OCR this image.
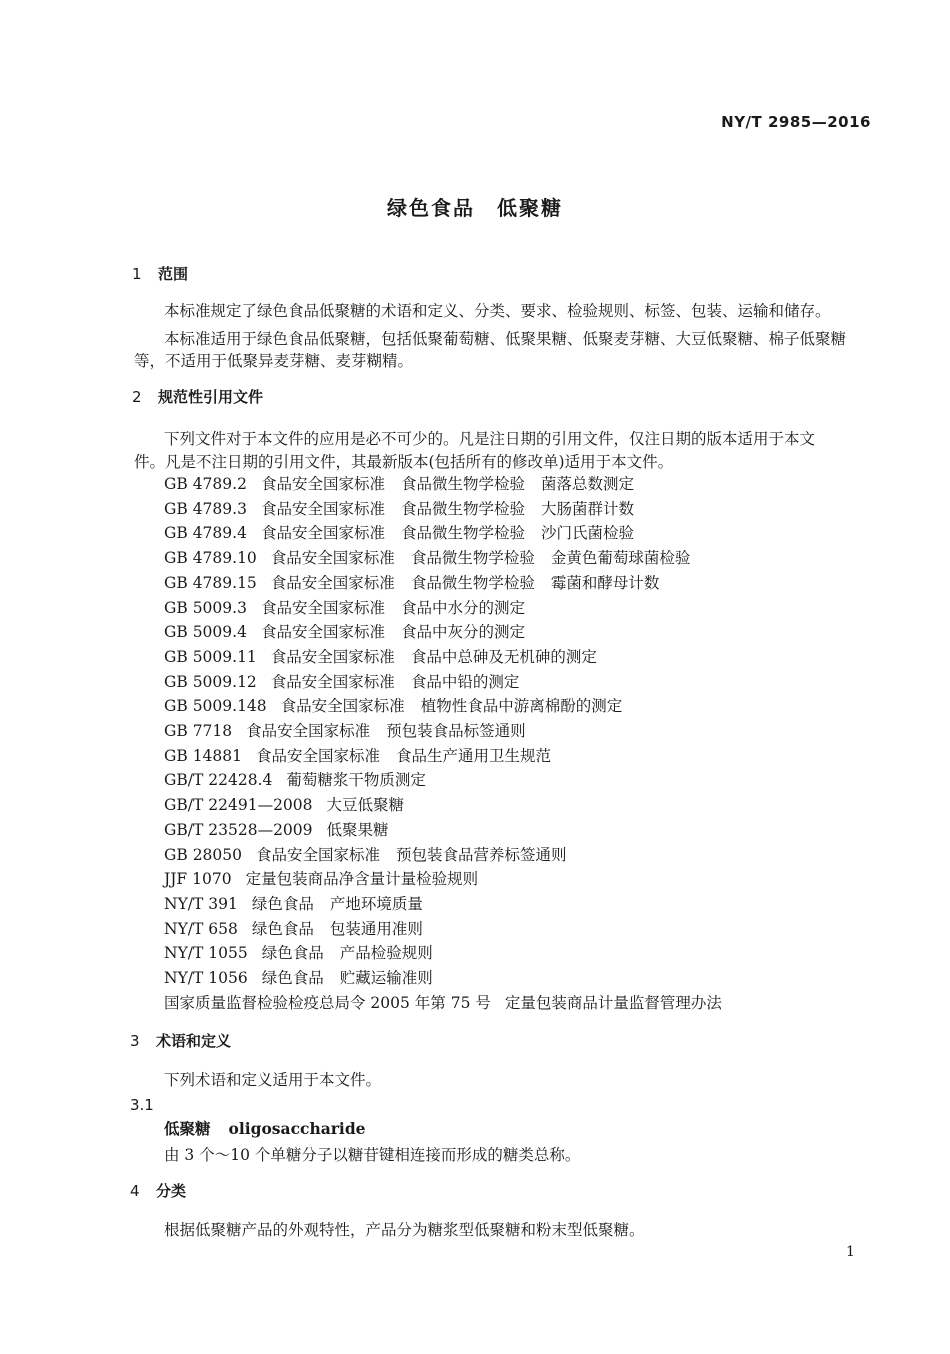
NY/T 2985—2016
绿色食品　低聚糖
1 范围
本标准规定了绿色食品低聚糖的术语和定义、分类、要求、检验规则、标签、包装、运输和储存。
本标准适用于绿色食品低聚糖，包括低聚葡萄糖、低聚果糖、低聚麦芽糖、大豆低聚糖、棉子低聚糖
等，不适用于低聚异麦芽糖、麦芽糊精。
2 规范性引用文件
下列文件对于本文件的应用是必不可少的。凡是注日期的引用文件，仅注日期的版本适用于本文
件。凡是不注日期的引用文件，其最新版本(包括所有的修改单)适用于本文件。
GB 4789.2 食品安全国家标准 食品微生物学检验 菌落总数测定
GB 4789.3 食品安全国家标准 食品微生物学检验 大肠菌群计数
GB 4789.4 食品安全国家标准 食品微生物学检验 沙门氏菌检验
GB 4789.10 食品安全国家标准 食品微生物学检验 金黄色葡萄球菌检验
GB 4789.15 食品安全国家标准 食品微生物学检验 霉菌和酵母计数
GB 5009.3 食品安全国家标准 食品中水分的测定
GB 5009.4 食品安全国家标准 食品中灰分的测定
GB 5009.11 食品安全国家标准 食品中总砷及无机砷的测定
GB 5009.12 食品安全国家标准 食品中铅的测定
GB 5009.148 食品安全国家标准 植物性食品中游离棉酚的测定
GB 7718 食品安全国家标准 预包装食品标签通则
GB 14881 食品安全国家标准 食品生产通用卫生规范
GB/T 22428.4 葡萄糖浆干物质测定
GB/T 22491—2008 大豆低聚糖
GB/T 23528—2009 低聚果糖
GB 28050 食品安全国家标准 预包装食品营养标签通则
JJF 1070 定量包装商品净含量计量检验规则
NY/T 391 绿色食品 产地环境质量
NY/T 658 绿色食品 包装通用准则
NY/T 1055 绿色食品 产品检验规则
NY/T 1056 绿色食品 贮藏运输准则
国家质量监督检验检疫总局令 2005 年第 75 号 定量包装商品计量监督管理办法
3 术语和定义
下列术语和定义适用于本文件。
3.1
低聚糖 oligosaccharide
由 3 个～10 个单糖分子以糖苷键相连接而形成的糖类总称。
4 分类
根据低聚糖产品的外观特性，产品分为糖浆型低聚糖和粉末型低聚糖。
1
